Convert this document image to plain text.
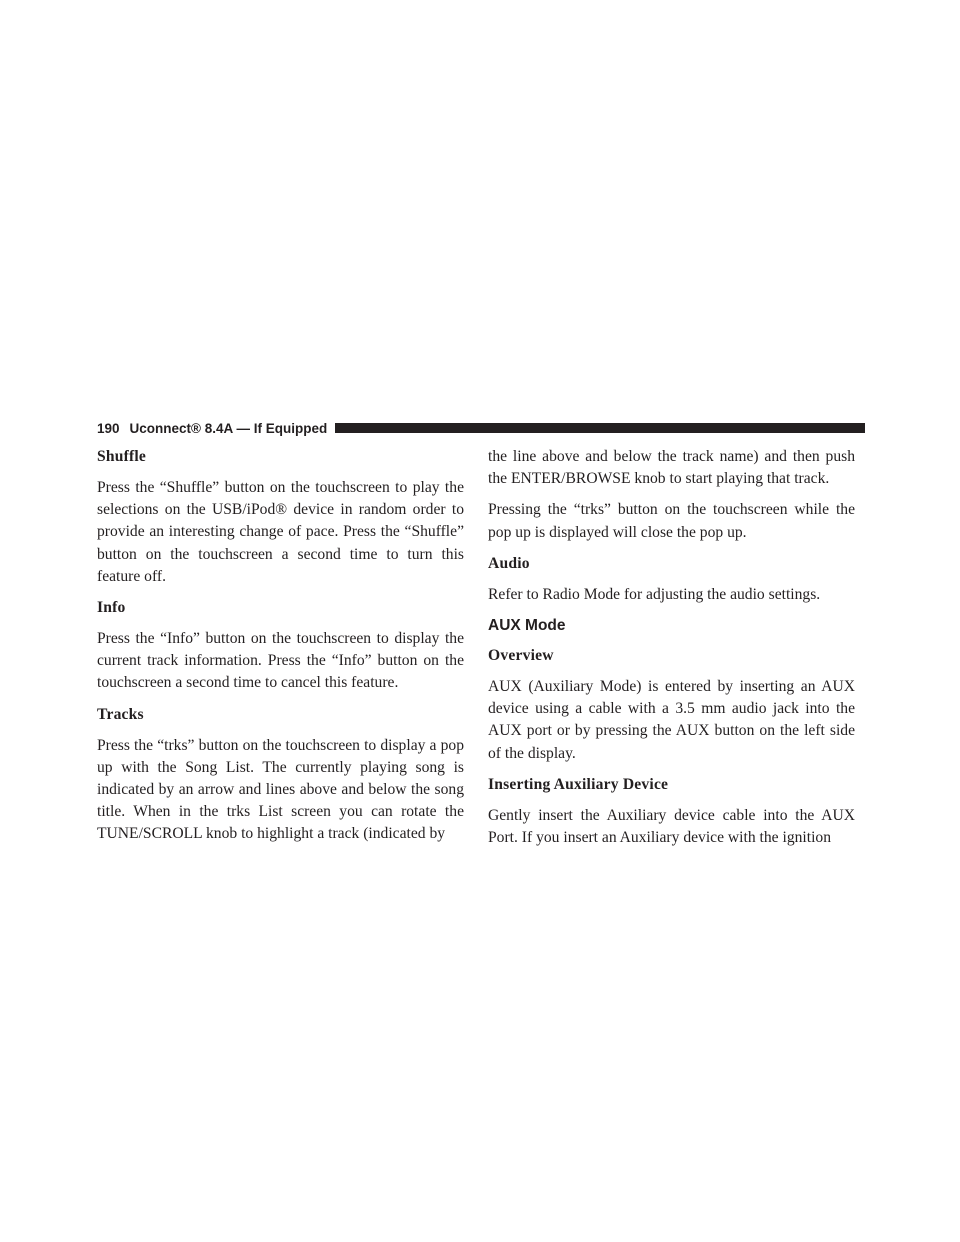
190 Uconnect® 8.4A — If Equipped
Shuffle

Press the “Shuffle” button on the touchscreen to play the selections on the USB/iPod® device in random order to provide an interesting change of pace. Press the “Shuffle” button on the touchscreen a second time to turn this feature off.

Info

Press the “Info” button on the touchscreen to display the current track information. Press the “Info” button on the touchscreen a second time to cancel this feature.

Tracks

Press the “trks” button on the touchscreen to display a pop up with the Song List. The currently playing song is indicated by an arrow and lines above and below the song title. When in the trks List screen you can rotate the TUNE/SCROLL knob to highlight a track (indicated by

the line above and below the track name) and then push the ENTER/BROWSE knob to start playing that track.

Pressing the “trks” button on the touchscreen while the pop up is displayed will close the pop up.

Audio

Refer to Radio Mode for adjusting the audio settings.

AUX Mode
Overview

AUX (Auxiliary Mode) is entered by inserting an AUX device using a cable with a 3.5 mm audio jack into the AUX port or by pressing the AUX button on the left side of the display.

Inserting Auxiliary Device

Gently insert the Auxiliary device cable into the AUX Port. If you insert an Auxiliary device with the ignition
